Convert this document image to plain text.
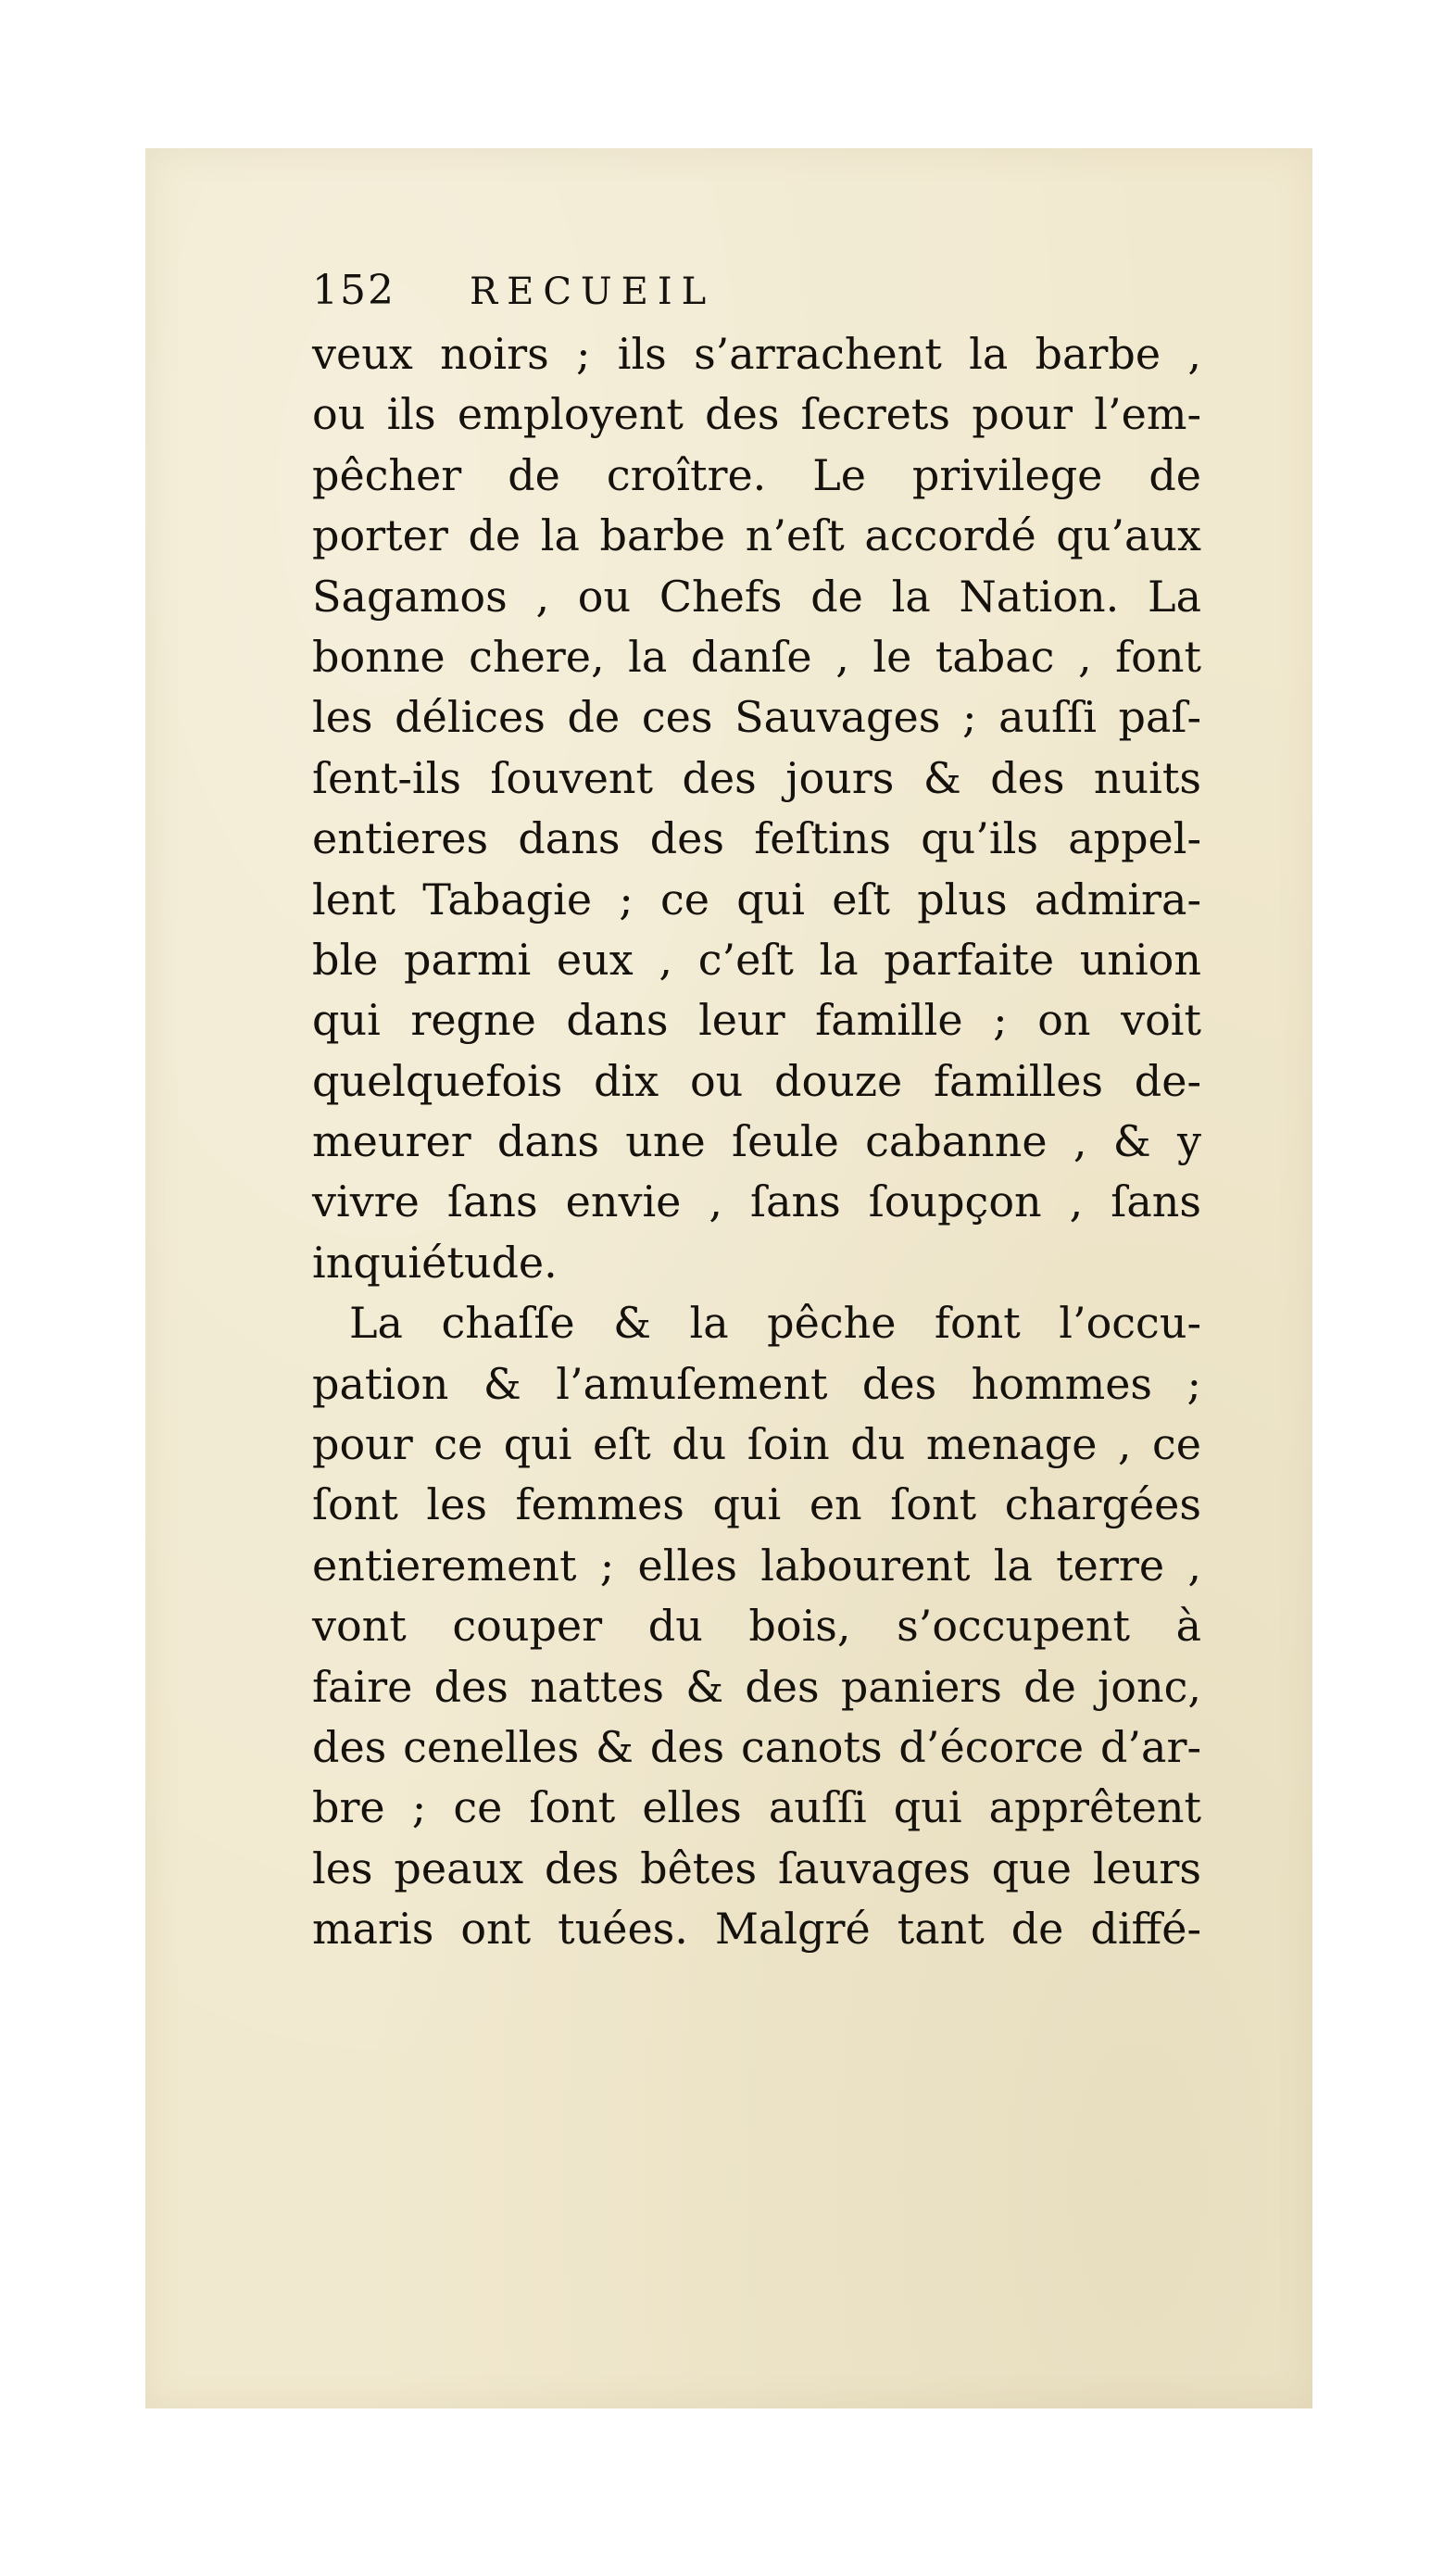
152	RECUEIL
veux noirs ; ils s’arrachent la barbe ,
ou ils employent des ſecrets pour l’em-
pêcher de croître. Le privilege de
porter de la barbe n’eſt accordé qu’aux
Sagamos , ou Chefs de la Nation. La
bonne chere, la danſe , le tabac , font
les délices de ces Sauvages ; auſſi paſ-
ſent-ils ſouvent des jours & des nuits
entieres dans des feſtins qu’ils appel-
lent Tabagie ; ce qui eſt plus admira-
ble parmi eux , c’eſt la parfaite union
qui regne dans leur famille ; on voit
quelquefois dix ou douze familles de-
meurer dans une ſeule cabanne , & y
vivre ſans envie , ſans ſoupçon , ſans
inquiétude.
La chaſſe & la pêche font l’occu-
pation & l’amuſement des hommes ;
pour ce qui eſt du ſoin du menage , ce
ſont les femmes qui en ſont chargées
entierement ; elles labourent la terre ,
vont couper du bois, s’occupent à
faire des nattes & des paniers de jonc,
des cenelles & des canots d’écorce d’ar-
bre ; ce ſont elles auſſi qui apprêtent
les peaux des bêtes ſauvages que leurs
maris ont tuées. Malgré tant de diffé-
